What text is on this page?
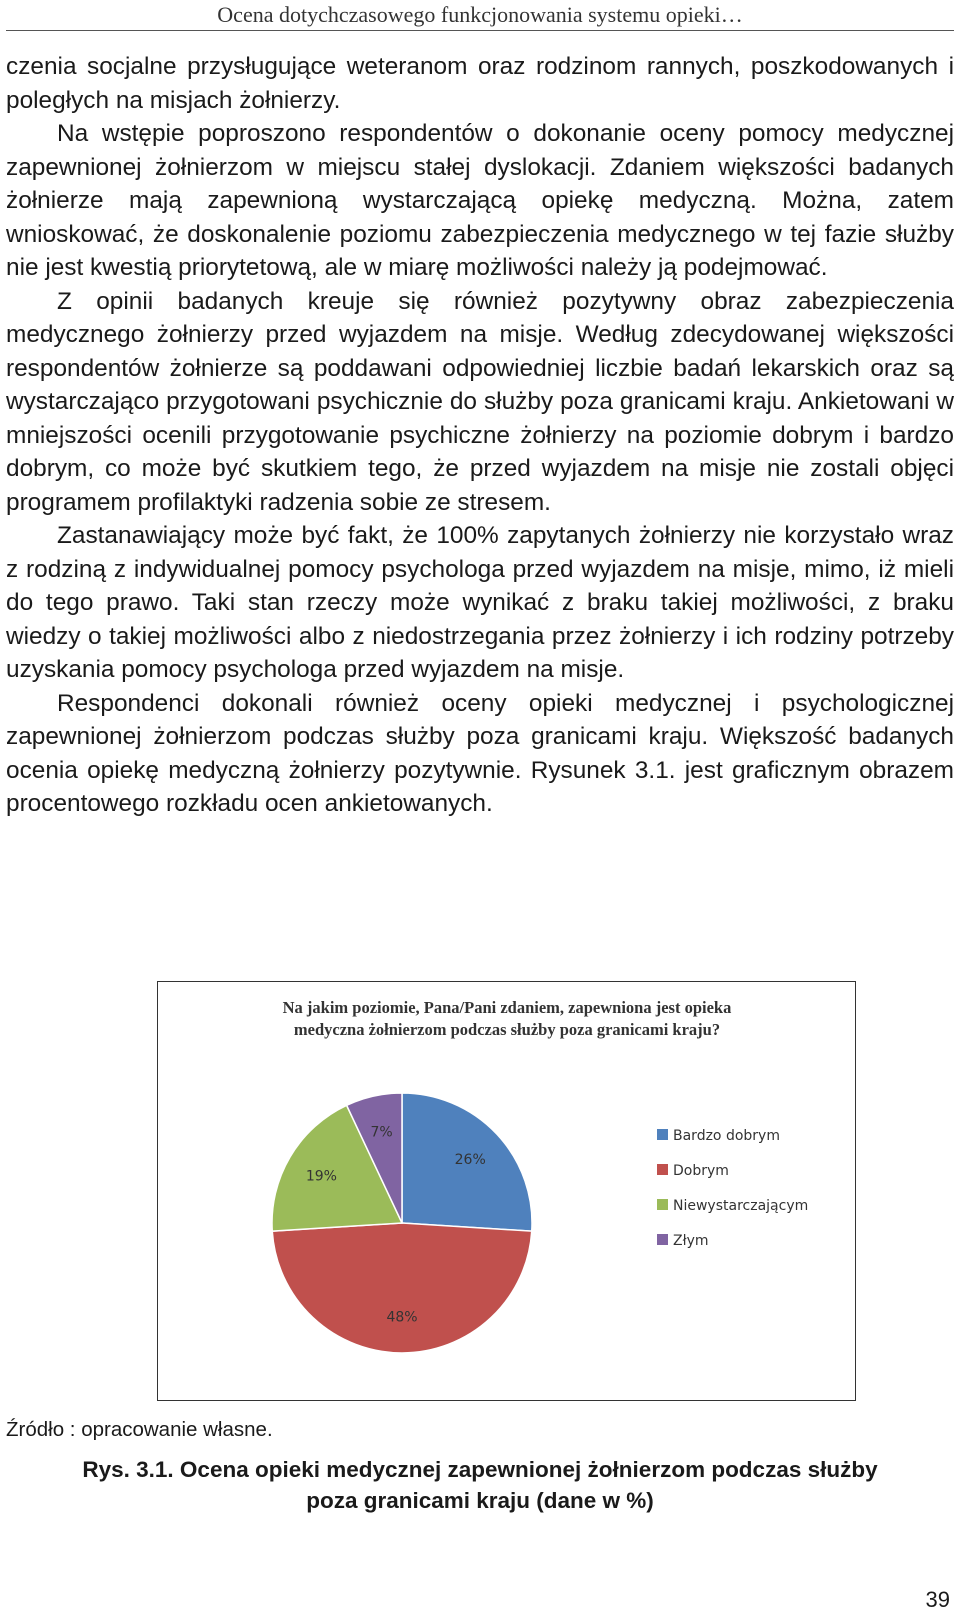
Ocena dotychczasowego funkcjonowania systemu opieki…

czenia socjalne przysługujące weteranom oraz rodzinom rannych, poszkodowanych i poległych na misjach żołnierzy.

Na wstępie poproszono respondentów o dokonanie oceny pomocy medycznej zapewnionej żołnierzom w miejscu stałej dyslokacji. Zdaniem większości badanych żołnierze mają zapewnioną wystarczającą opiekę medyczną. Można, zatem wnioskować, że doskonalenie poziomu zabezpieczenia medycznego w tej fazie służby nie jest kwestią priorytetową, ale w miarę możliwości należy ją podejmować.

Z opinii badanych kreuje się również pozytywny obraz zabezpieczenia medycznego żołnierzy przed wyjazdem na misje. Według zdecydowanej większości respondentów żołnierze są poddawani odpowiedniej liczbie badań lekarskich oraz są wystarczająco przygotowani psychicznie do służby poza granicami kraju. Ankietowani w mniejszości ocenili przygotowanie psychiczne żołnierzy na poziomie dobrym i bardzo dobrym, co może być skutkiem tego, że przed wyjazdem na misje nie zostali objęci programem profilaktyki radzenia sobie ze stresem.

Zastanawiający może być fakt, że 100% zapytanych żołnierzy nie korzystało wraz z rodziną z indywidualnej pomocy psychologa przed wyjazdem na misje, mimo, iż mieli do tego prawo. Taki stan rzeczy może wynikać z braku takiej możliwości, z braku wiedzy o takiej możliwości albo z niedostrzegania przez żołnierzy i ich rodziny potrzeby uzyskania pomocy psychologa przed wyjazdem na misje.

Respondenci dokonali również oceny opieki medycznej i psychologicznej zapewnionej żołnierzom podczas służby poza granicami kraju. Większość badanych ocenia opiekę medyczną żołnierzy pozytywnie. Rysunek 3.1. jest graficznym obrazem procentowego rozkładu ocen ankietowanych.

Na jakim poziomie, Pana/Pani zdaniem, zapewniona jest opieka
medyczna żołnierzom podczas służby poza granicami kraju?
26%
48%
19%
7%	Bardzo dobrym
Dobrym
Niewystarczającym
Złym
Źródło : opracowanie własne.
Rys. 3.1. Ocena opieki medycznej zapewnionej żołnierzom podczas służby
poza granicami kraju (dane w %)
39
